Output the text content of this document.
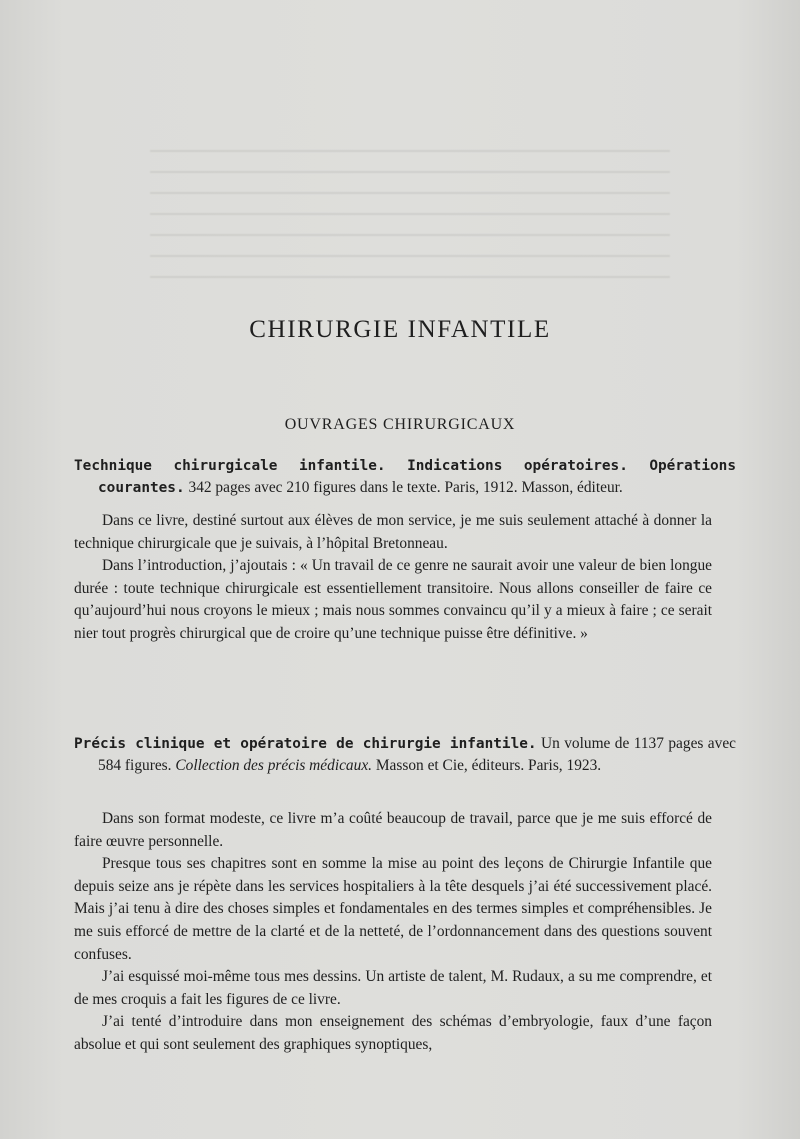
CHIRURGIE INFANTILE
OUVRAGES CHIRURGICAUX
Technique chirurgicale infantile. Indications opératoires. Opérations courantes. 342 pages avec 210 figures dans le texte. Paris, 1912. Masson, éditeur.

Dans ce livre, destiné surtout aux élèves de mon service, je me suis seulement attaché à donner la technique chirurgicale que je suivais, à l’hôpital Bretonneau.

Dans l’introduction, j’ajoutais : « Un travail de ce genre ne saurait avoir une valeur de bien longue durée : toute technique chirurgicale est essentiellement transitoire. Nous allons conseiller de faire ce qu’aujourd’hui nous croyons le mieux ; mais nous sommes convaincu qu’il y a mieux à faire ; ce serait nier tout progrès chirurgical que de croire qu’une technique puisse être définitive. »

Précis clinique et opératoire de chirurgie infantile. Un volume de 1137 pages avec 584 figures. Collection des précis médicaux. Masson et Cie, éditeurs. Paris, 1923.

Dans son format modeste, ce livre m’a coûté beaucoup de travail, parce que je me suis efforcé de faire œuvre personnelle.

Presque tous ses chapitres sont en somme la mise au point des leçons de Chirurgie Infantile que depuis seize ans je répète dans les services hospitaliers à la tête desquels j’ai été successivement placé. Mais j’ai tenu à dire des choses simples et fondamentales en des termes simples et compréhensibles. Je me suis efforcé de mettre de la clarté et de la netteté, de l’ordonnancement dans des questions souvent confuses.

J’ai esquissé moi-même tous mes dessins. Un artiste de talent, M. Rudaux, a su me comprendre, et de mes croquis a fait les figures de ce livre.

J’ai tenté d’introduire dans mon enseignement des schémas d’embryologie, faux d’une façon absolue et qui sont seulement des graphiques synoptiques,
